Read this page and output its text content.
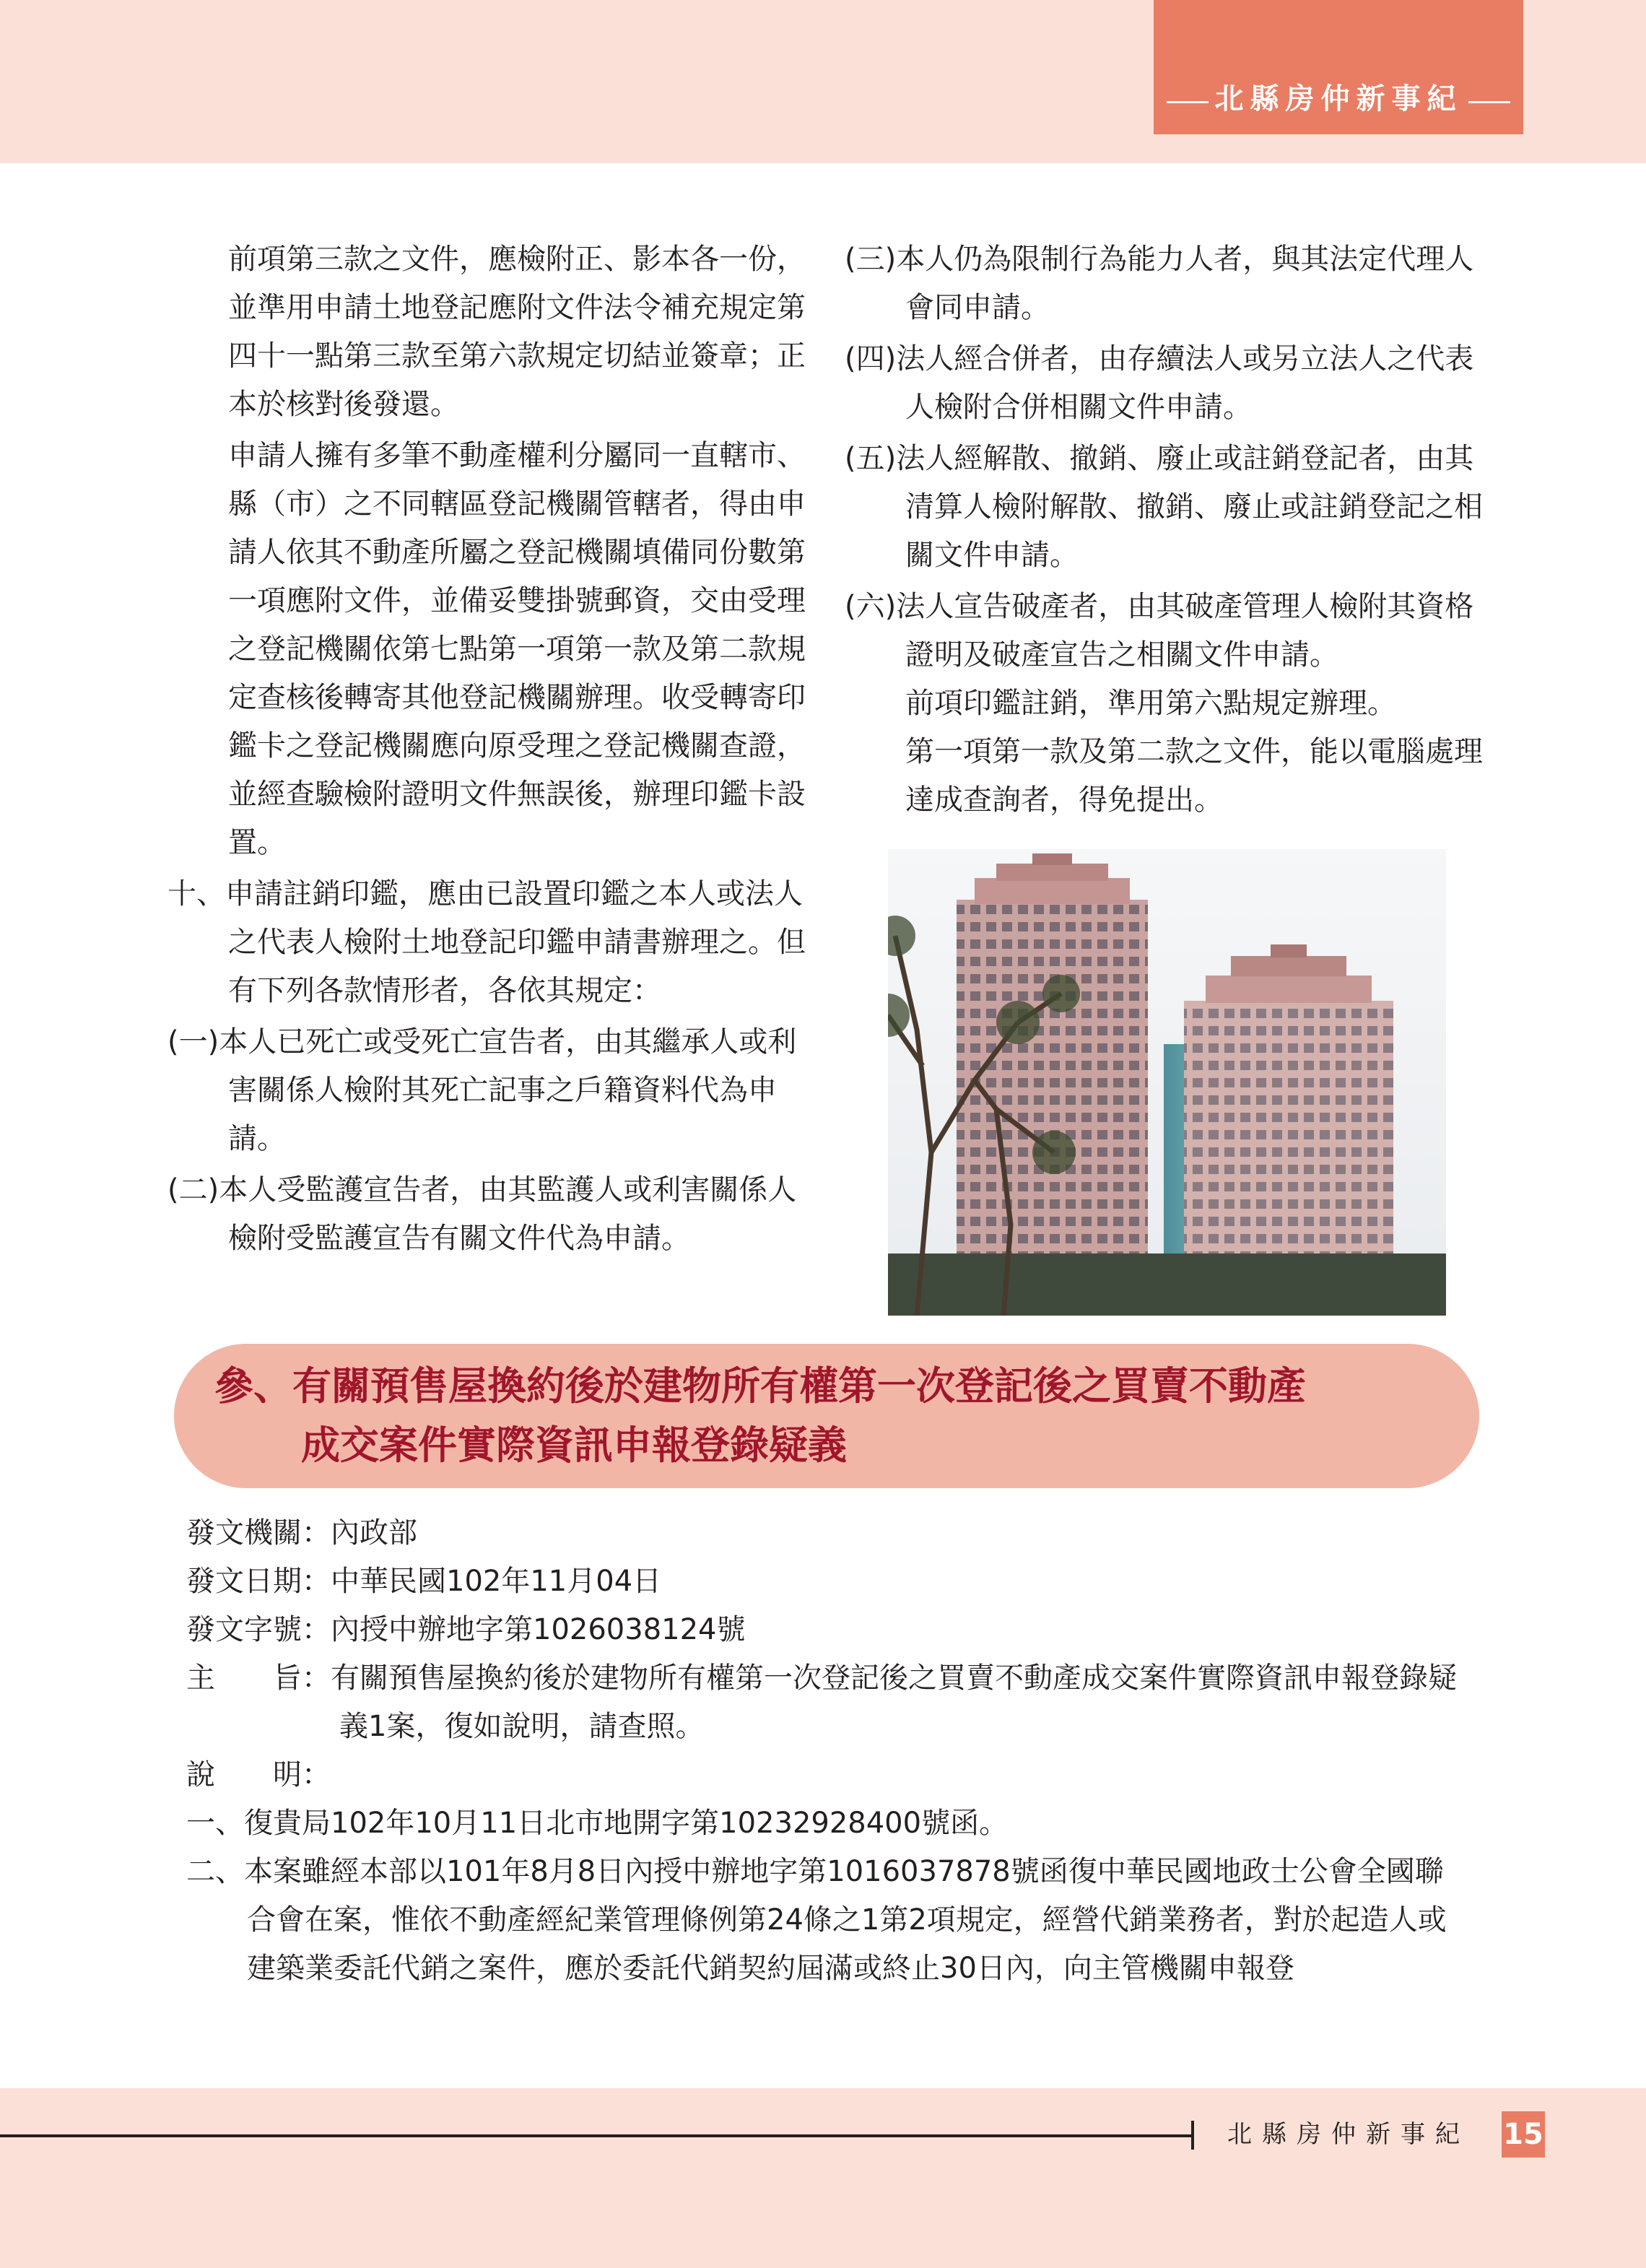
北縣房仲新事紀

前項第三款之文件，應檢附正、影本各一份，並準用申請土地登記應附文件法令補充規定第四十一點第三款至第六款規定切結並簽章；正本於核對後發還。

申請人擁有多筆不動產權利分屬同一直轄市、縣（市）之不同轄區登記機關管轄者，得由申請人依其不動產所屬之登記機關填備同份數第一項應附文件，並備妥雙掛號郵資，交由受理之登記機關依第七點第一項第一款及第二款規定查核後轉寄其他登記機關辦理。收受轉寄印鑑卡之登記機關應向原受理之登記機關查證，並經查驗檢附證明文件無誤後，辦理印鑑卡設置。

十、申請註銷印鑑，應由已設置印鑑之本人或法人之代表人檢附土地登記印鑑申請書辦理之。但有下列各款情形者，各依其規定：

(一)本人已死亡或受死亡宣告者，由其繼承人或利害關係人檢附其死亡記事之戶籍資料代為申請。

(二)本人受監護宣告者，由其監護人或利害關係人檢附受監護宣告有關文件代為申請。

(三)本人仍為限制行為能力人者，與其法定代理人會同申請。

(四)法人經合併者，由存續法人或另立法人之代表人檢附合併相關文件申請。

(五)法人經解散、撤銷、廢止或註銷登記者，由其清算人檢附解散、撤銷、廢止或註銷登記之相關文件申請。

(六)法人宣告破產者，由其破產管理人檢附其資格證明及破產宣告之相關文件申請。

前項印鑑註銷，準用第六點規定辦理。

第一項第一款及第二款之文件，能以電腦處理達成查詢者，得免提出。

參、有關預售屋換約後於建物所有權第一次登記後之買賣不動產
成交案件實際資訊申報登錄疑義

發文機關：內政部

發文日期：中華民國102年11月04日

發文字號：內授中辦地字第1026038124號

主　　旨：有關預售屋換約後於建物所有權第一次登記後之買賣不動產成交案件實際資訊申報登錄疑義1案，復如說明，請查照。

說　　明：

一、復貴局102年10月11日北市地開字第10232928400號函。

二、本案雖經本部以101年8月8日內授中辦地字第1016037878號函復中華民國地政士公會全國聯合會在案，惟依不動產經紀業管理條例第24條之1第2項規定，經營代銷業務者，對於起造人或建築業委託代銷之案件，應於委託代銷契約屆滿或終止30日內，向主管機關申報登

北縣房仲新事紀 15
